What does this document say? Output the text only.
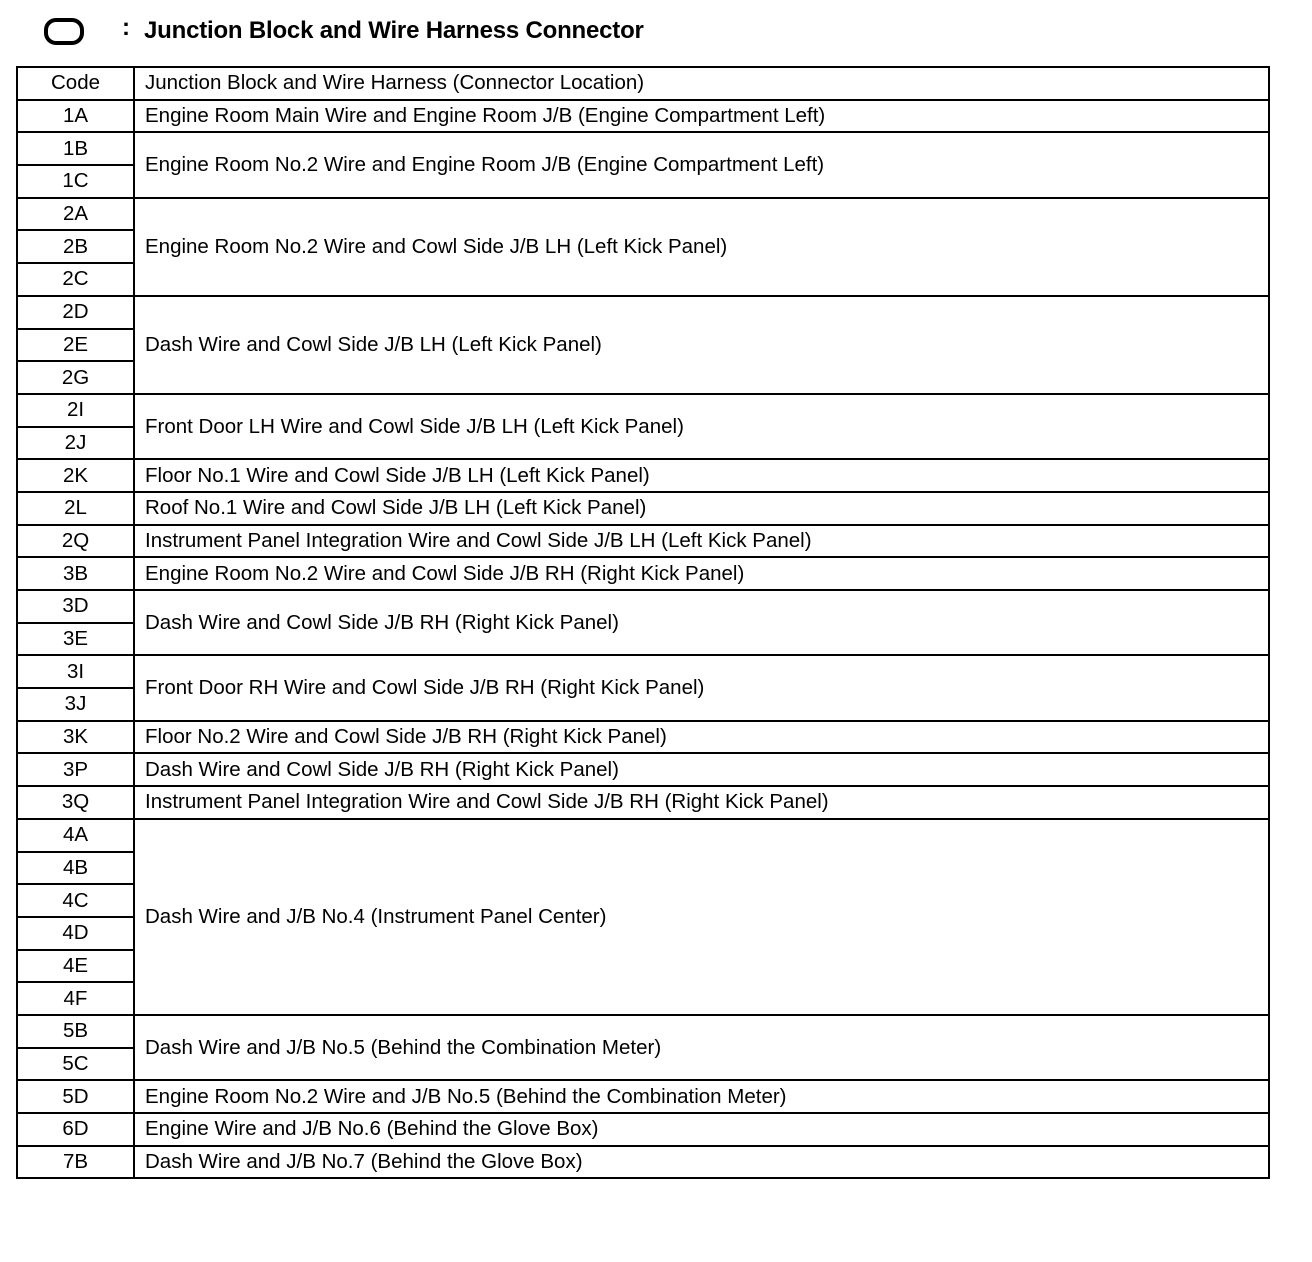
: Junction Block and Wire Harness Connector
Code	Junction Block and Wire Harness (Connector Location)
1A	Engine Room Main Wire and Engine Room J/B (Engine Compartment Left)
1B	Engine Room No.2 Wire and Engine Room J/B (Engine Compartment Left)
1C	
2A	Engine Room No.2 Wire and Cowl Side J/B LH (Left Kick Panel)
2B	
2C	
2D	Dash Wire and Cowl Side J/B LH (Left Kick Panel)
2E	
2G	
2I	Front Door LH Wire and Cowl Side J/B LH (Left Kick Panel)
2J	
2K	Floor No.1 Wire and Cowl Side J/B LH (Left Kick Panel)
2L	Roof No.1 Wire and Cowl Side J/B LH (Left Kick Panel)
2Q	Instrument Panel Integration Wire and Cowl Side J/B LH (Left Kick Panel)
3B	Engine Room No.2 Wire and Cowl Side J/B RH (Right Kick Panel)
3D	Dash Wire and Cowl Side J/B RH (Right Kick Panel)
3E	
3I	Front Door RH Wire and Cowl Side J/B RH (Right Kick Panel)
3J	
3K	Floor No.2 Wire and Cowl Side J/B RH (Right Kick Panel)
3P	Dash Wire and Cowl Side J/B RH (Right Kick Panel)
3Q	Instrument Panel Integration Wire and Cowl Side J/B RH (Right Kick Panel)
4A	Dash Wire and J/B No.4 (Instrument Panel Center)
4B	
4C	
4D	
4E	
4F	
5B	Dash Wire and J/B No.5 (Behind the Combination Meter)
5C	
5D	Engine Room No.2 Wire and J/B No.5 (Behind the Combination Meter)
6D	Engine Wire and J/B No.6 (Behind the Glove Box)
7B	Dash Wire and J/B No.7 (Behind the Glove Box)
